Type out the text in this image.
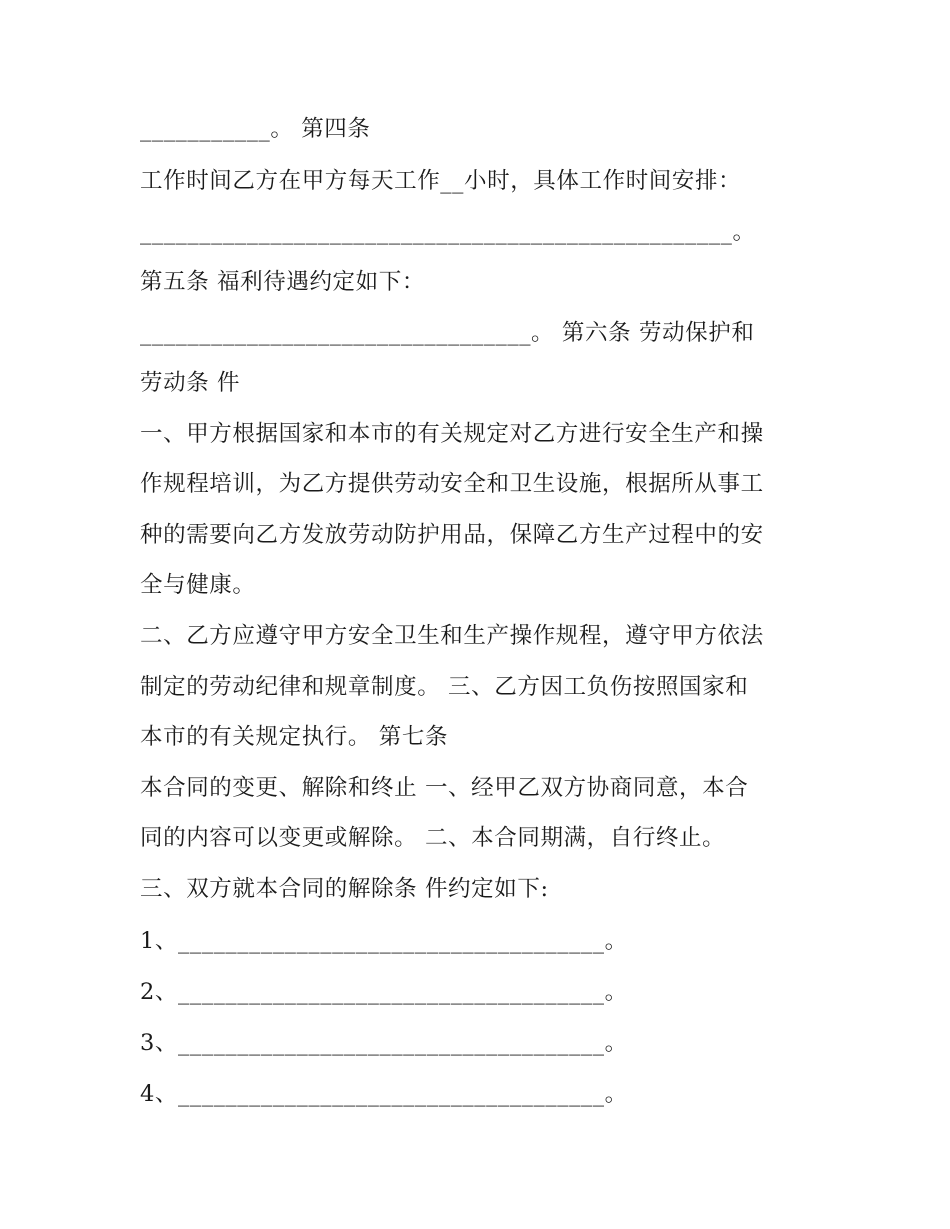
___________。 第四条
工作时间乙方在甲方每天工作__小时，具体工作时间安排：
__________________________________________________。
第五条 福利待遇约定如下：
_________________________________。 第六条 劳动保护和
劳动条 件
一、甲方根据国家和本市的有关规定对乙方进行安全生产和操
作规程培训，为乙方提供劳动安全和卫生设施，根据所从事工
种的需要向乙方发放劳动防护用品，保障乙方生产过程中的安
全与健康。
二、乙方应遵守甲方安全卫生和生产操作规程，遵守甲方依法
制定的劳动纪律和规章制度。 三、乙方因工负伤按照国家和
本市的有关规定执行。 第七条
本合同的变更、解除和终止 一、经甲乙双方协商同意，本合
同的内容可以变更或解除。 二、本合同期满，自行终止。
三、双方就本合同的解除条 件约定如下:
1、____________________________________。
2、____________________________________。
3、____________________________________。
4、____________________________________。
